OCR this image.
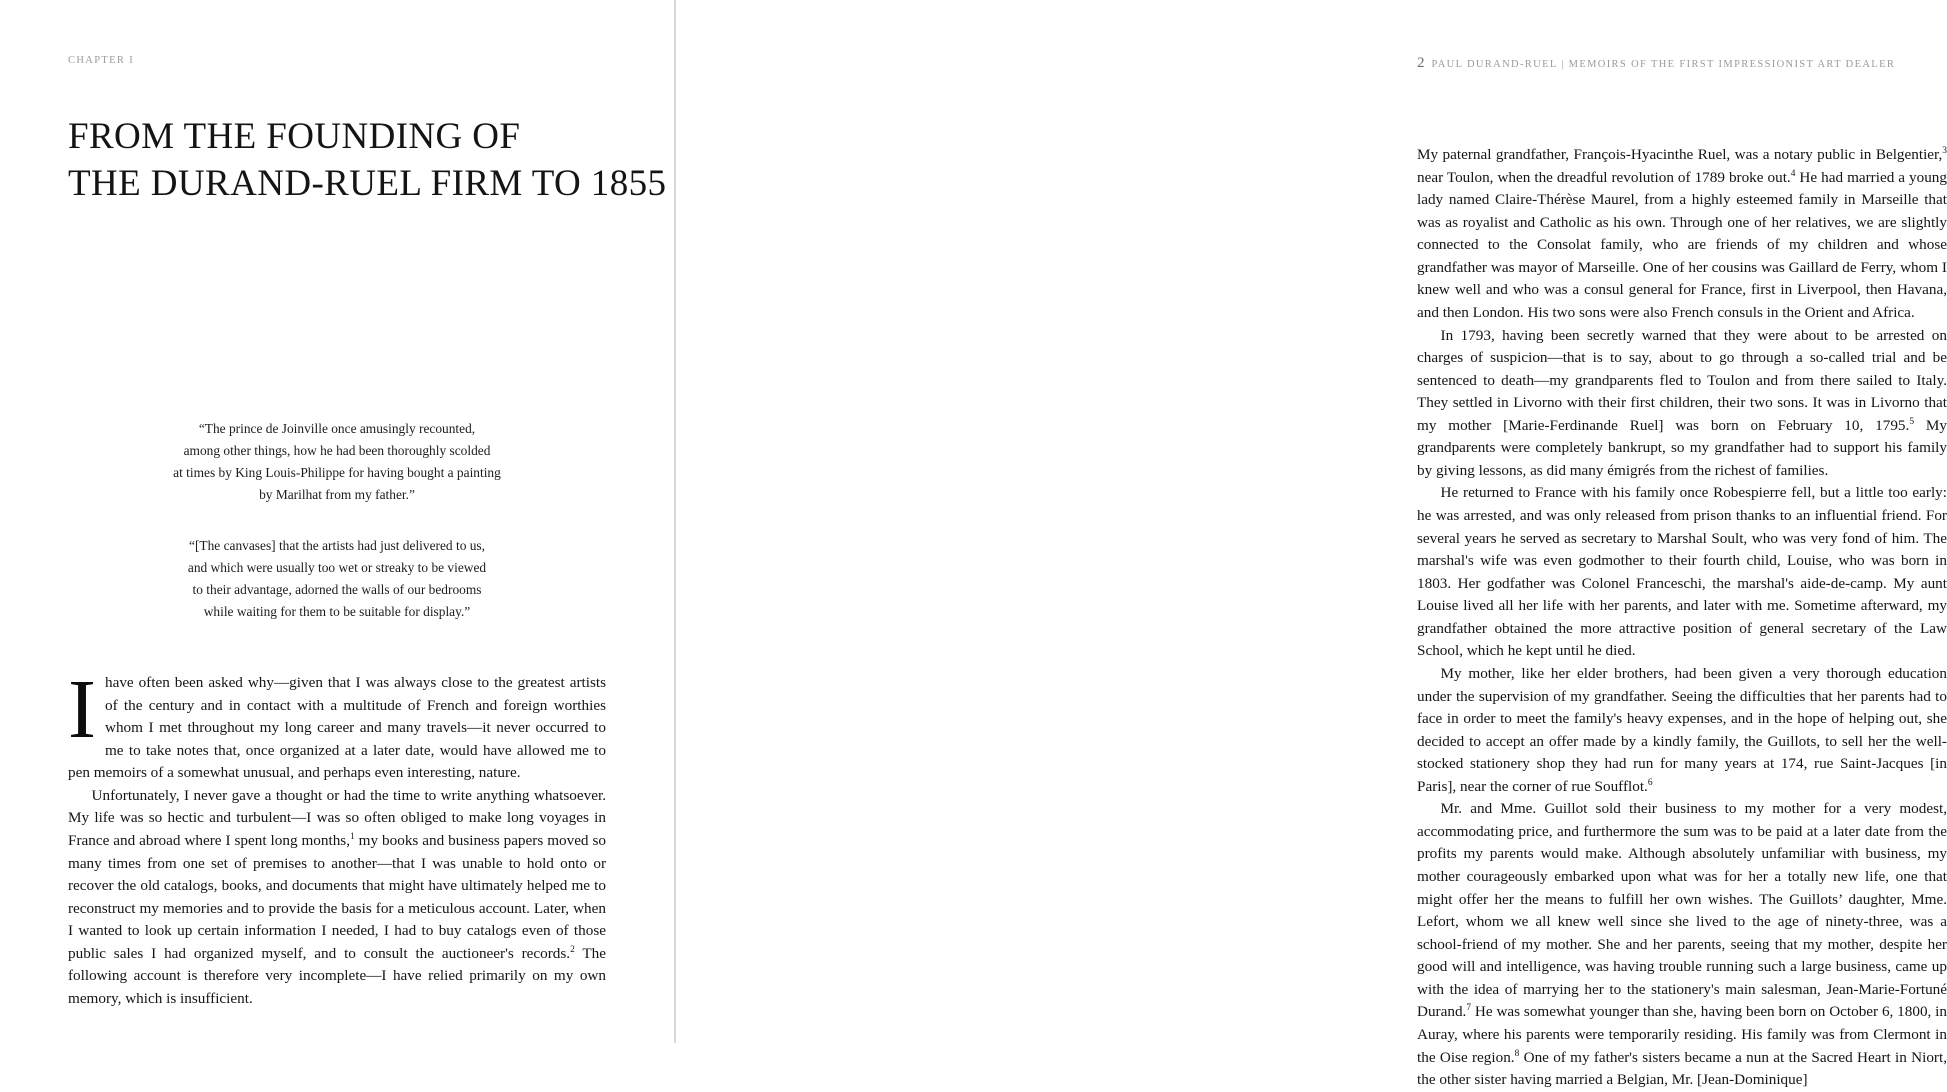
CHAPTER I
FROM THE FOUNDING OF
THE DURAND-RUEL FIRM TO 1855
“The prince de Joinville once amusingly recounted,
among other things, how he had been thoroughly scolded
at times by King Louis-Philippe for having bought a painting
by Marilhat from my father.”
“[The canvases] that the artists had just delivered to us,
and which were usually too wet or streaky to be viewed
to their advantage, adorned the walls of our bedrooms
while waiting for them to be suitable for display.”

I have often been asked why—given that I was always close to the greatest artists of the century and in contact with a multitude of French and foreign worthies whom I met throughout my long career and many travels—it never occurred to me to take notes that, once organized at a later date, would have allowed me to pen memoirs of a somewhat unusual, and perhaps even interesting, nature.

Unfortunately, I never gave a thought or had the time to write anything whatsoever. My life was so hectic and turbulent—I was so often obliged to make long voyages in France and abroad where I spent long months,$^1$ my books and business papers moved so many times from one set of premises to another—that I was unable to hold onto or recover the old catalogs, books, and documents that might have ultimately helped me to reconstruct my memories and to provide the basis for a meticulous account. Later, when I wanted to look up certain information I needed, I had to buy catalogs even of those public sales I had organized myself, and to consult the auctioneer's records.$^2$ The following account is therefore very incomplete—I have relied primarily on my own memory, which is insufficient.

2 PAUL DURAND-RUEL | MEMOIRS OF THE FIRST IMPRESSIONIST ART DEALER

My paternal grandfather, François-Hyacinthe Ruel, was a notary public in Belgentier,$^3$ near Toulon, when the dreadful revolution of 1789 broke out.$^4$ He had married a young lady named Claire-Thérèse Maurel, from a highly esteemed family in Marseille that was as royalist and Catholic as his own. Through one of her relatives, we are slightly connected to the Consolat family, who are friends of my children and whose grandfather was mayor of Marseille. One of her cousins was Gaillard de Ferry, whom I knew well and who was a consul general for France, first in Liverpool, then Havana, and then London. His two sons were also French consuls in the Orient and Africa.

In 1793, having been secretly warned that they were about to be arrested on charges of suspicion—that is to say, about to go through a so-called trial and be sentenced to death—my grandparents fled to Toulon and from there sailed to Italy. They settled in Livorno with their first children, their two sons. It was in Livorno that my mother [Marie-Ferdinande Ruel] was born on February 10, 1795.$^5$ My grandparents were completely bankrupt, so my grandfather had to support his family by giving lessons, as did many émigrés from the richest of families.

He returned to France with his family once Robespierre fell, but a little too early: he was arrested, and was only released from prison thanks to an influential friend. For several years he served as secretary to Marshal Soult, who was very fond of him. The marshal's wife was even godmother to their fourth child, Louise, who was born in 1803. Her godfather was Colonel Franceschi, the marshal's aide-de-camp. My aunt Louise lived all her life with her parents, and later with me. Sometime afterward, my grandfather obtained the more attractive position of general secretary of the Law School, which he kept until he died.

My mother, like her elder brothers, had been given a very thorough education under the supervision of my grandfather. Seeing the difficulties that her parents had to face in order to meet the family's heavy expenses, and in the hope of helping out, she decided to accept an offer made by a kindly family, the Guillots, to sell her the well-stocked stationery shop they had run for many years at 174, rue Saint-Jacques [in Paris], near the corner of rue Soufflot.$^6$

Mr. and Mme. Guillot sold their business to my mother for a very modest, accommodating price, and furthermore the sum was to be paid at a later date from the profits my parents would make. Although absolutely unfamiliar with business, my mother courageously embarked upon what was for her a totally new life, one that might offer her the means to fulfill her own wishes. The Guillots’ daughter, Mme. Lefort, whom we all knew well since she lived to the age of ninety-three, was a school-friend of my mother. She and her parents, seeing that my mother, despite her good will and intelligence, was having trouble running such a large business, came up with the idea of marrying her to the stationery's main salesman, Jean-Marie-Fortuné Durand.$^7$ He was somewhat younger than she, having been born on October 6, 1800, in Auray, where his parents were temporarily residing. His family was from Clermont in the Oise region.$^8$ One of my father's sisters became a nun at the Sacred Heart in Niort, the other sister having married a Belgian, Mr. [Jean-Dominique]
